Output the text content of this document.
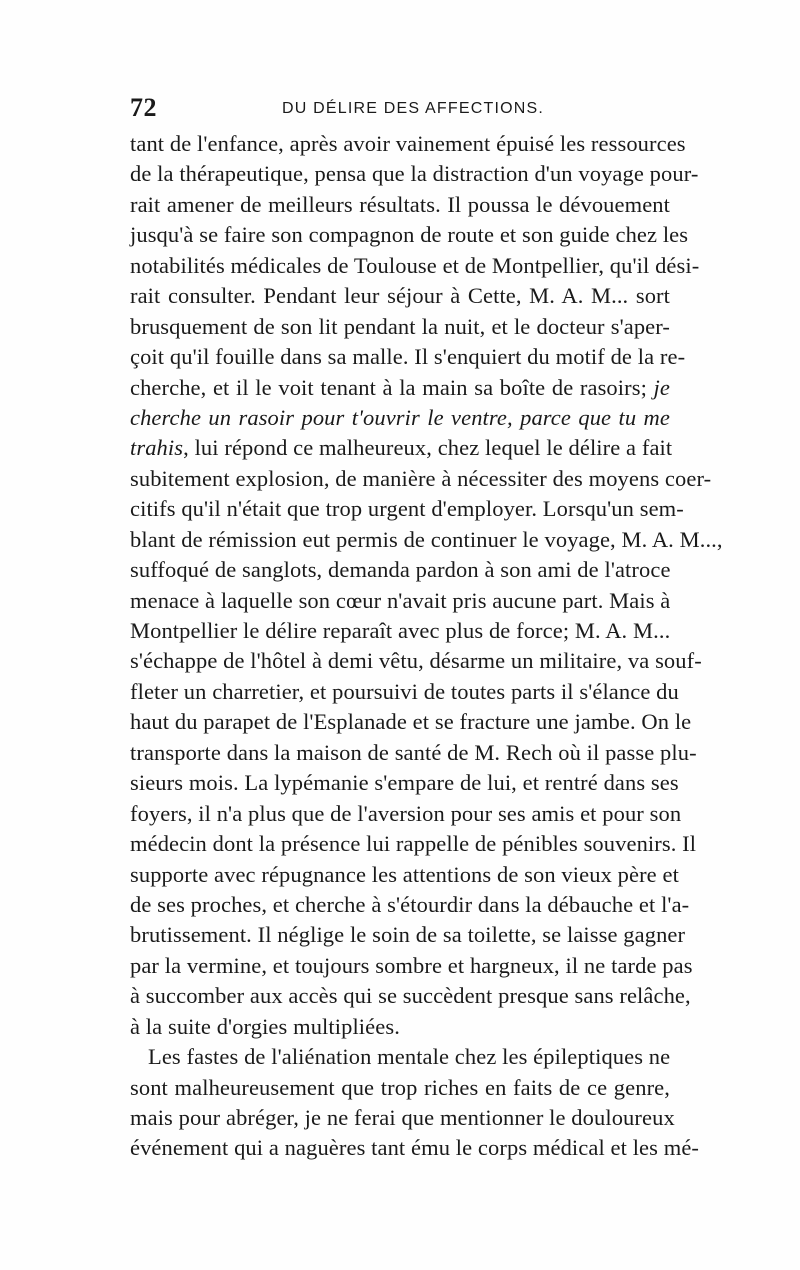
72	DU DÉLIRE DES AFFECTIONS.
tant de l'enfance, après avoir vainement épuisé les ressources
de la thérapeutique, pensa que la distraction d'un voyage pour-
rait amener de meilleurs résultats. Il poussa le dévouement
jusqu'à se faire son compagnon de route et son guide chez les
notabilités médicales de Toulouse et de Montpellier, qu'il dési-
rait consulter. Pendant leur séjour à Cette, M. A. M... sort
brusquement de son lit pendant la nuit, et le docteur s'aper-
çoit qu'il fouille dans sa malle. Il s'enquiert du motif de la re-
cherche, et il le voit tenant à la main sa boîte de rasoirs; je
cherche un rasoir pour t'ouvrir le ventre, parce que tu me
trahis, lui répond ce malheureux, chez lequel le délire a fait
subitement explosion, de manière à nécessiter des moyens coer-
citifs qu'il n'était que trop urgent d'employer. Lorsqu'un sem-
blant de rémission eut permis de continuer le voyage, M. A. M...,
suffoqué de sanglots, demanda pardon à son ami de l'atroce
menace à laquelle son cœur n'avait pris aucune part. Mais à
Montpellier le délire reparaît avec plus de force; M. A. M...
s'échappe de l'hôtel à demi vêtu, désarme un militaire, va souf-
fleter un charretier, et poursuivi de toutes parts il s'élance du
haut du parapet de l'Esplanade et se fracture une jambe. On le
transporte dans la maison de santé de M. Rech où il passe plu-
sieurs mois. La lypémanie s'empare de lui, et rentré dans ses
foyers, il n'a plus que de l'aversion pour ses amis et pour son
médecin dont la présence lui rappelle de pénibles souvenirs. Il
supporte avec répugnance les attentions de son vieux père et
de ses proches, et cherche à s'étourdir dans la débauche et l'a-
brutissement. Il néglige le soin de sa toilette, se laisse gagner
par la vermine, et toujours sombre et hargneux, il ne tarde pas
à succomber aux accès qui se succèdent presque sans relâche,
à la suite d'orgies multipliées.
Les fastes de l'aliénation mentale chez les épileptiques ne
sont malheureusement que trop riches en faits de ce genre,
mais pour abréger, je ne ferai que mentionner le douloureux
événement qui a naguères tant ému le corps médical et les mé-
